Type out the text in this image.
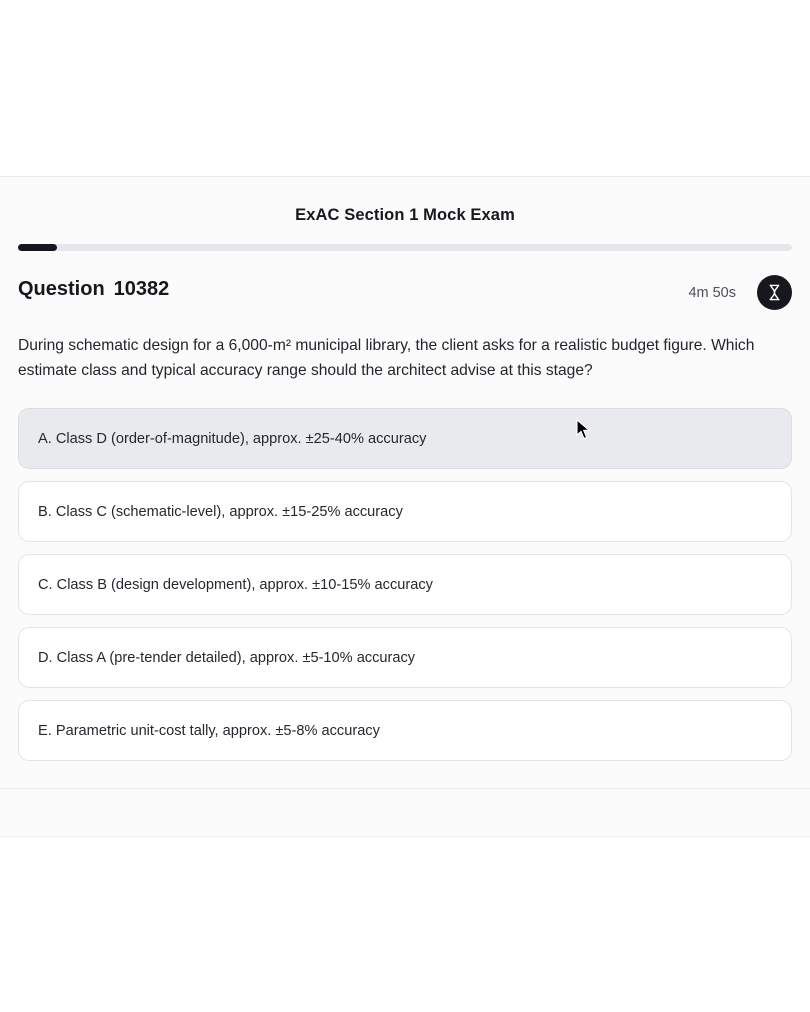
ExAC Section 1 Mock Exam
Question 10382	4m 50s
During schematic design for a 6,000-m² municipal library, the client asks for a realistic budget figure. Which estimate class and typical accuracy range should the architect advise at this stage?
A. Class D (order-of-magnitude), approx. ±25-40% accuracy
B. Class C (schematic-level), approx. ±15-25% accuracy
C. Class B (design development), approx. ±10-15% accuracy
D. Class A (pre-tender detailed), approx. ±5-10% accuracy
E. Parametric unit-cost tally, approx. ±5-8% accuracy
